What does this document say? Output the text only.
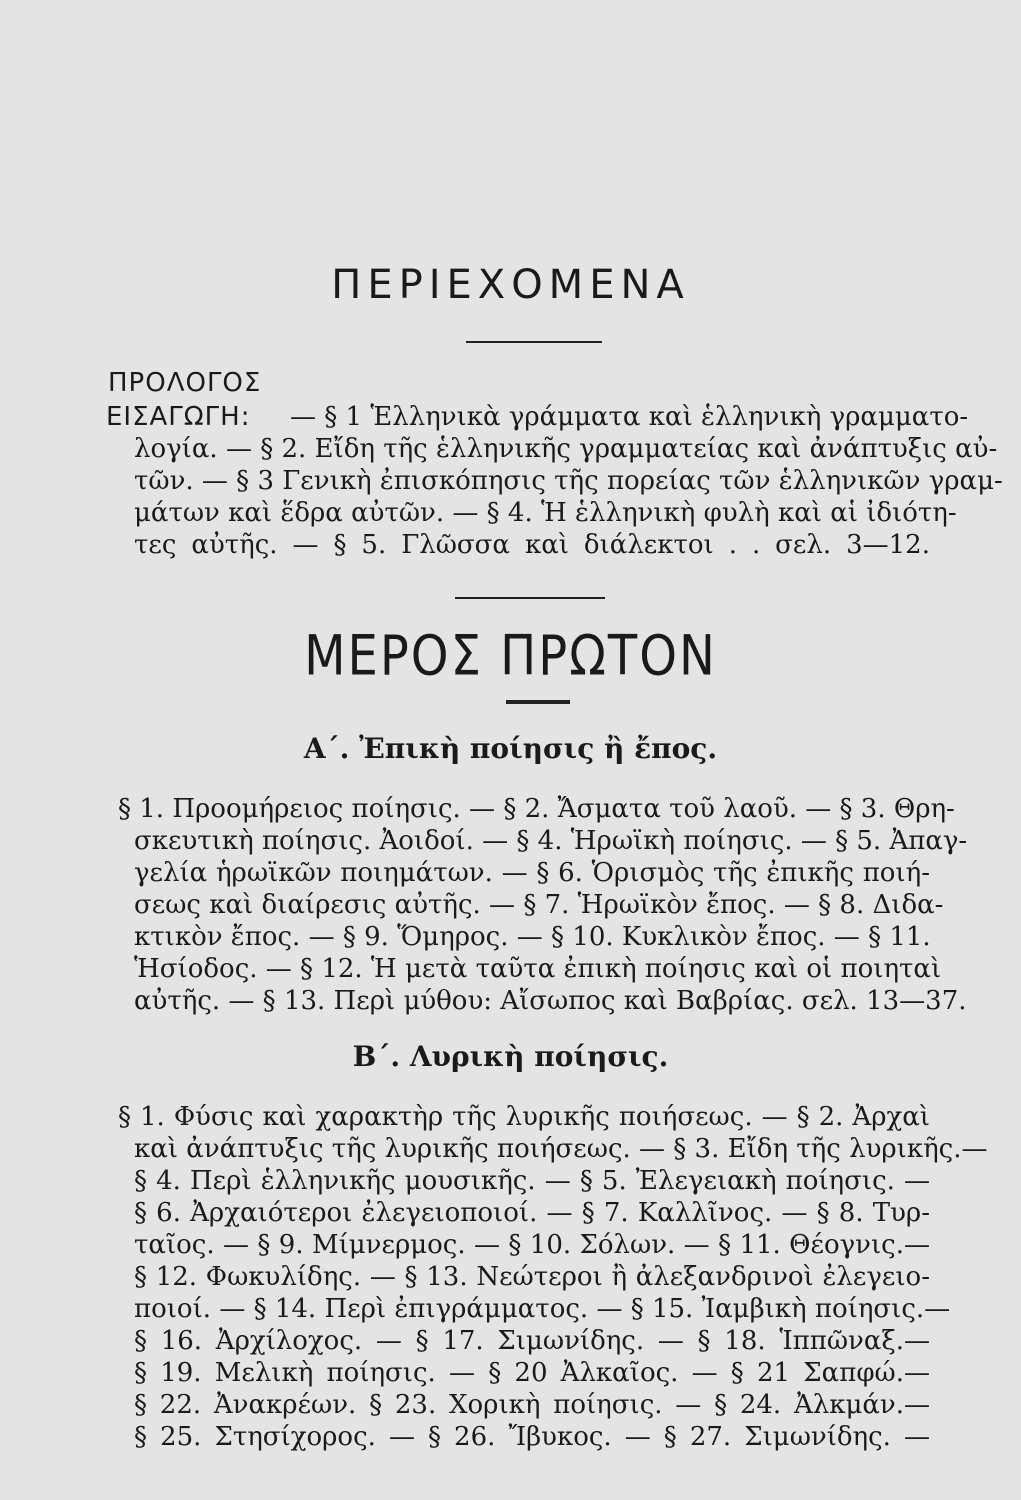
ΠΕΡΙΕΧΟΜΕΝΑ
ΠΡΟΛΟΓΟΣ
ΕΙΣΑΓΩΓΗ: — § 1 Ἑλληνικὰ γράμματα καὶ ἑλληνικὴ γραμματο-
λογία. — § 2. Εἴδη τῆς ἑλληνικῆς γραμματείας καὶ ἀνάπτυξις αὐ-
τῶν. — § 3 Γενικὴ ἐπισκόπησις τῆς πορείας τῶν ἑλληνικῶν γραμ-
μάτων καὶ ἕδρα αὐτῶν. — § 4. Ἡ ἑλληνικὴ φυλὴ καὶ αἱ ἰδιότη-
τες αὐτῆς. — § 5. Γλῶσσα καὶ διάλεκτοι . . σελ. 3—12.
ΜΕΡΟΣ ΠΡΩΤΟΝ
Α΄. Ἐπικὴ ποίησις ἢ ἔπος.
§ 1. Προομήρειος ποίησις. — § 2. Ἄσματα τοῦ λαοῦ. — § 3. Θρη-
σκευτικὴ ποίησις. Ἀοιδοί. — § 4. Ἡρωϊκὴ ποίησις. — § 5. Ἀπαγ-
γελία ἡρωϊκῶν ποιημάτων. — § 6. Ὁρισμὸς τῆς ἐπικῆς ποιή-
σεως καὶ διαίρεσις αὐτῆς. — § 7. Ἡρωϊκὸν ἔπος. — § 8. Διδα-
κτικὸν ἔπος. — § 9. Ὅμηρος. — § 10. Κυκλικὸν ἔπος. — § 11.
Ἡσίοδος. — § 12. Ἡ μετὰ ταῦτα ἐπικὴ ποίησις καὶ οἱ ποιηταὶ
αὐτῆς. — § 13. Περὶ μύθου: Αἴσωπος καὶ Βαβρίας. σελ. 13—37.
Β΄. Λυρικὴ ποίησις.
§ 1. Φύσις καὶ χαρακτὴρ τῆς λυρικῆς ποιήσεως. — § 2. Ἀρχαὶ
καὶ ἀνάπτυξις τῆς λυρικῆς ποιήσεως. — § 3. Εἴδη τῆς λυρικῆς.—
§ 4. Περὶ ἑλληνικῆς μουσικῆς. — § 5. Ἐλεγειακὴ ποίησις. —
§ 6. Ἀρχαιότεροι ἐλεγειοποιοί. — § 7. Καλλῖνος. — § 8. Τυρ-
ταῖος. — § 9. Μίμνερμος. — § 10. Σόλων. — § 11. Θέογνις.—
§ 12. Φωκυλίδης. — § 13. Νεώτεροι ἢ ἀλεξανδρινοὶ ἐλεγειο-
ποιοί. — § 14. Περὶ ἐπιγράμματος. — § 15. Ἰαμβικὴ ποίησις.—
§ 16. Ἀρχίλοχος. — § 17. Σιμωνίδης. — § 18. Ἱππῶναξ.—
§ 19. Μελικὴ ποίησις. — § 20 Ἀλκαῖος. — § 21 Σαπφώ.—
§ 22. Ἀνακρέων. § 23. Χορικὴ ποίησις. — § 24. Ἀλκμάν.—
§ 25. Στησίχορος. — § 26. Ἴβυκος. — § 27. Σιμωνίδης. —
